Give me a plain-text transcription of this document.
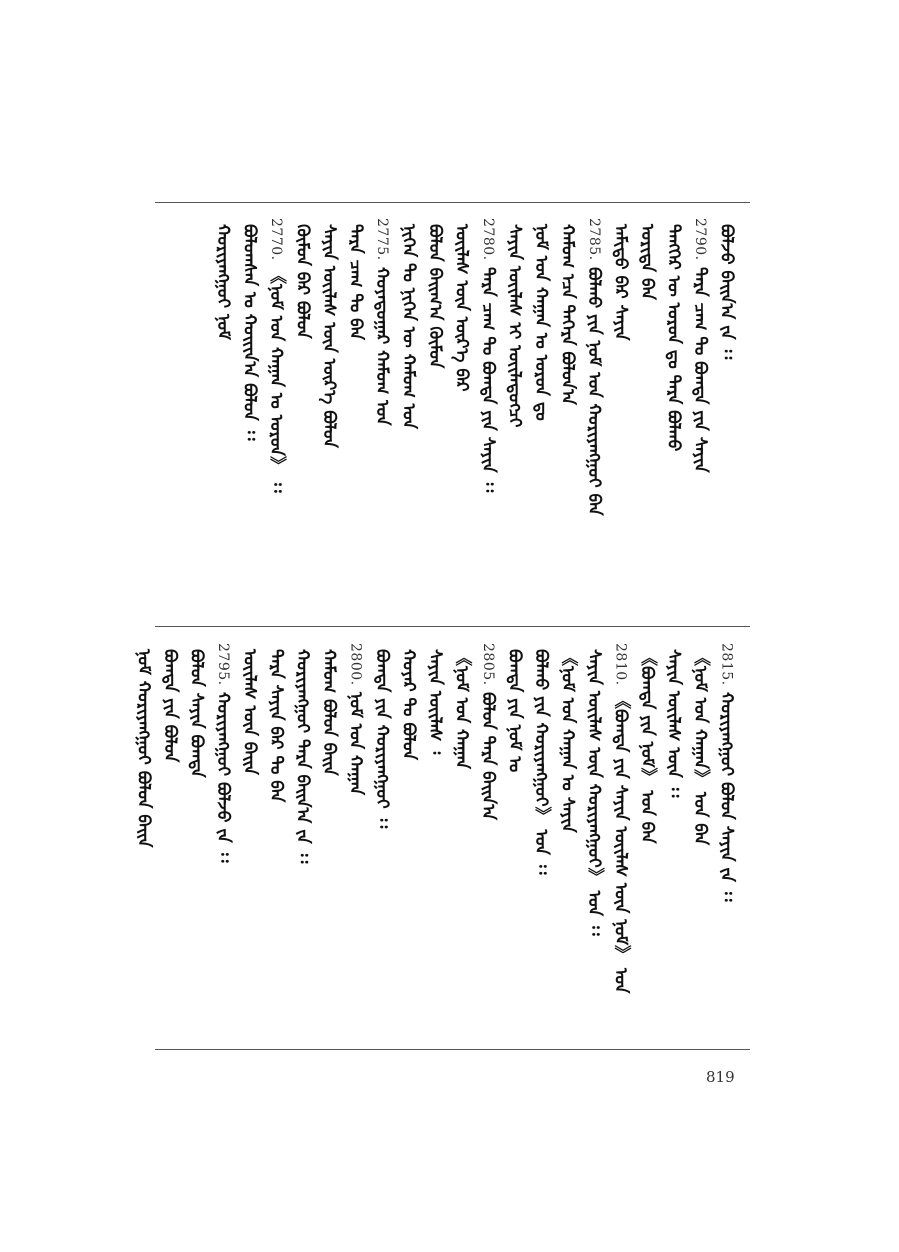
ᠪᠣᠯᠵᠤ ᠪᠠᠢᠨ᠎ᠠ ᠵᠡ ᠄᠄
2790.
ᠲᠡᠷᠡ ᠴᠠᠭ ᠲᠤ ᠪᠣᠭᠳᠠ ᠶᠢᠨ ᠰᠠᠶᠢᠨ
ᠲᠡᠩᠭᠡᠷ ᠦ ᠣᠷᠣᠨ ᠳᠤ ᠲᠡᠷᠡ ᠪᠣᠯᠬᠤ
ᠤᠷᠢᠳᠠ ᠪᠠᠨ
ᠠᠮᠢᠳᠤ ᠪᠡᠷ ᠰᠠᠶᠢᠨ
2785.
ᠪᠣᠯᠬᠤ ᠶᠢᠨ ᠨᠣᠮ ᠤᠨ ᠬᠤᠷᠢᠶᠠᠩᠭᠤᠢ ᠪᠠᠨ
ᠬᠠᠮᠤᠭ ᠡᠴᠡ ᠳᠡᠭᠡᠷᠡ ᠪᠣᠯᠤᠨ᠎ᠠ
ᠨᠣᠮ ᠤᠨ ᠬᠠᠭᠠᠨ ᠤ ᠣᠷᠣᠨ ᠳᠤ
ᠰᠠᠶᠢᠨ ᠦᠢᠯᠡᠰ ᠢ ᠦᠢᠯᠡᠳᠦᠭᠴᠢ
2780.
ᠲᠡᠷᠡ ᠴᠠᠭ ᠲᠤ ᠪᠣᠭᠳᠠ ᠶᠢᠨ ᠰᠠᠶᠢᠨ ᠄᠄
ᠦᠢᠯᠡᠰ ᠦᠨ ᠦᠷ᠎ᠡ ᠪᠠᠷ
ᠪᠣᠯᠤᠨ ᠪᠠᠢᠭ᠎ᠠ ᠬᠦᠮᠦᠨ
ᠨᠢᠭᠡᠨ ᠲᠤ ᠨᠢᠭᠡᠨ ᠦ ᠬᠠᠮᠤᠭ ᠤᠨ
2775.
ᠬᠣᠶᠠᠳᠤᠭᠠᠷ ᠬᠠᠮᠤᠭ ᠤᠨ
ᠲᠡᠷᠡ ᠴᠠᠭ ᠲᠤ ᠪᠠᠨ
ᠰᠠᠶᠢᠨ ᠦᠢᠯᠡᠰ ᠦᠨ ᠦᠷ᠎ᠡ ᠪᠣᠯᠤᠨ
ᠬᠦᠮᠦᠨ ᠪᠠᠷ ᠪᠣᠯᠤᠨ
2770.
《ᠨᠣᠮ ᠤᠨ ᠬᠠᠭᠠᠨ ᠤ ᠣᠷᠣᠨ》 ᠄᠄
ᠪᠣᠯᠤᠭᠰᠠᠨ ᠤ ᠬᠣᠢᠢᠨ᠎ᠠ ᠪᠣᠯᠤᠨ ᠄᠄
ᠬᠣᠷᠢᠶᠠᠩᠭᠤᠢ ᠨᠣᠮ
2815.
ᠬᠣᠷᠢᠶᠠᠩᠭᠤᠢ ᠪᠣᠯᠤᠨ ᠰᠠᠶᠢᠨ ᠵᠡ ᠄᠄
《ᠨᠣᠮ ᠤᠨ ᠬᠠᠭᠠᠨ》 ᠤᠨ ᠪᠠᠨ
ᠰᠠᠶᠢᠨ ᠦᠢᠯᠡᠰ ᠦᠨ ᠄᠄
《ᠪᠣᠭᠳᠠ ᠶᠢᠨ ᠨᠣᠮ》 ᠤᠨ ᠪᠠᠨ
2810.
《ᠪᠣᠭᠳᠠ ᠶᠢᠨ ᠰᠠᠶᠢᠨ ᠦᠢᠯᠡᠰ ᠦᠨ ᠨᠣᠮ》 ᠤᠨ
ᠰᠠᠶᠢᠨ ᠦᠢᠯᠡᠰ ᠦᠨ ᠬᠤᠷᠢᠶᠠᠩᠭᠤᠢ》 ᠤᠨ ᠄᠄
《ᠨᠣᠮ ᠤᠨ ᠬᠠᠭᠠᠨ ᠤ ᠰᠠᠶᠢᠨ
ᠪᠣᠯᠬᠤ ᠶᠢᠨ ᠬᠤᠷᠢᠶᠠᠩᠭᠤᠢ》 ᠤᠨ ᠄᠄
ᠪᠣᠭᠳᠠ ᠶᠢᠨ ᠨᠣᠮ ᠤ
2805.
ᠪᠣᠯᠤᠨ ᠲᠡᠷᠡ ᠪᠠᠢᠨ᠎ᠠ
《ᠨᠣᠮ ᠤᠨ ᠬᠠᠭᠠᠨ
ᠰᠠᠶᠢᠨ ᠦᠢᠯᠡᠰ ᠄
ᠬᠣᠶᠠᠷ ᠲᠤ ᠪᠣᠯᠤᠨ
ᠪᠣᠭᠳᠠ ᠶᠢᠨ ᠬᠤᠷᠢᠶᠠᠩᠭᠤᠢ ᠄᠄
2800.
ᠨᠣᠮ ᠤᠨ ᠬᠠᠭᠠᠨ
ᠬᠠᠮᠤᠭ ᠪᠣᠯᠤᠨ ᠪᠠᠢᠨ
ᠬᠣᠷᠢᠶᠠᠩᠭᠤᠢ ᠲᠡᠷᠡ ᠪᠠᠢᠨ᠎ᠠ ᠵᠡ ᠄᠄
ᠲᠡᠷᠡ ᠰᠠᠶᠢᠨ ᠪᠠᠷ ᠲᠤ ᠪᠠᠨ
ᠦᠢᠯᠡᠰ ᠦᠨ ᠪᠠᠢᠨ
2795.
ᠬᠣᠷᠢᠶᠠᠩᠭᠤᠢ ᠪᠣᠯᠵᠤ ᠵᠡ ᠄᠄
ᠪᠣᠯᠤᠨ ᠰᠠᠶᠢᠨ ᠪᠣᠭᠳᠠ
ᠪᠣᠭᠳᠠ ᠶᠢᠨ ᠪᠣᠯᠤᠨ
ᠨᠣᠮ ᠬᠤᠷᠢᠶᠠᠩᠭᠤᠢ ᠪᠣᠯᠤᠨ ᠪᠠᠢᠨ
819
